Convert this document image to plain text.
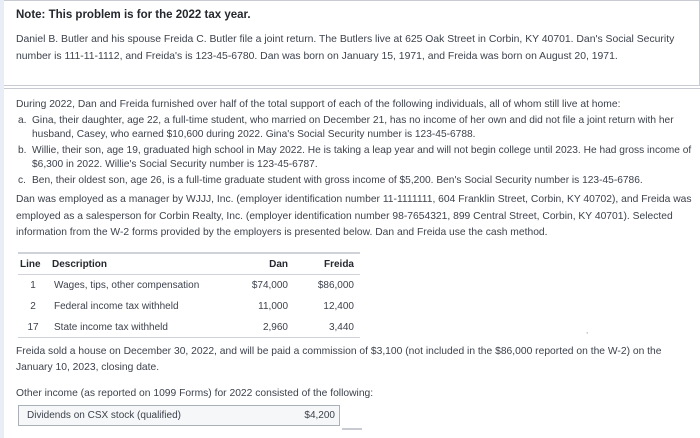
Note: This problem is for the 2022 tax year.
Daniel B. Butler and his spouse Freida C. Butler file a joint return. The Butlers live at 625 Oak Street in Corbin, KY 40701. Dan's Social Security number is 111-11-1112, and Freida's is 123-45-6780. Dan was born on January 15, 1971, and Freida was born on August 20, 1971.
During 2022, Dan and Freida furnished over half of the total support of each of the following individuals, all of whom still live at home:
a. Gina, their daughter, age 22, a full-time student, who married on December 21, has no income of her own and did not file a joint return with her husband, Casey, who earned $10,600 during 2022. Gina's Social Security number is 123-45-6788.
b. Willie, their son, age 19, graduated high school in May 2022. He is taking a leap year and will not begin college until 2023. He had gross income of $6,300 in 2022. Willie's Social Security number is 123-45-6787.
c. Ben, their oldest son, age 26, is a full-time graduate student with gross income of $5,200. Ben's Social Security number is 123-45-6786.
Dan was employed as a manager by WJJJ, Inc. (employer identification number 11-1111111, 604 Franklin Street, Corbin, KY 40702), and Freida was employed as a salesperson for Corbin Realty, Inc. (employer identification number 98-7654321, 899 Central Street, Corbin, KY 40701). Selected information from the W-2 forms provided by the employers is presented below. Dan and Freida use the cash method.
Line	Description	Dan	Freida
1	Wages, tips, other compensation	$74,000	$86,000
2	Federal income tax withheld	11,000	12,400
17	State income tax withheld	2,960	3,440	,
Freida sold a house on December 30, 2022, and will be paid a commission of $3,100 (not included in the $86,000 reported on the W-2) on the January 10, 2023, closing date.
Other income (as reported on 1099 Forms) for 2022 consisted of the following:
Dividends on CSX stock (qualified)	$4,200
